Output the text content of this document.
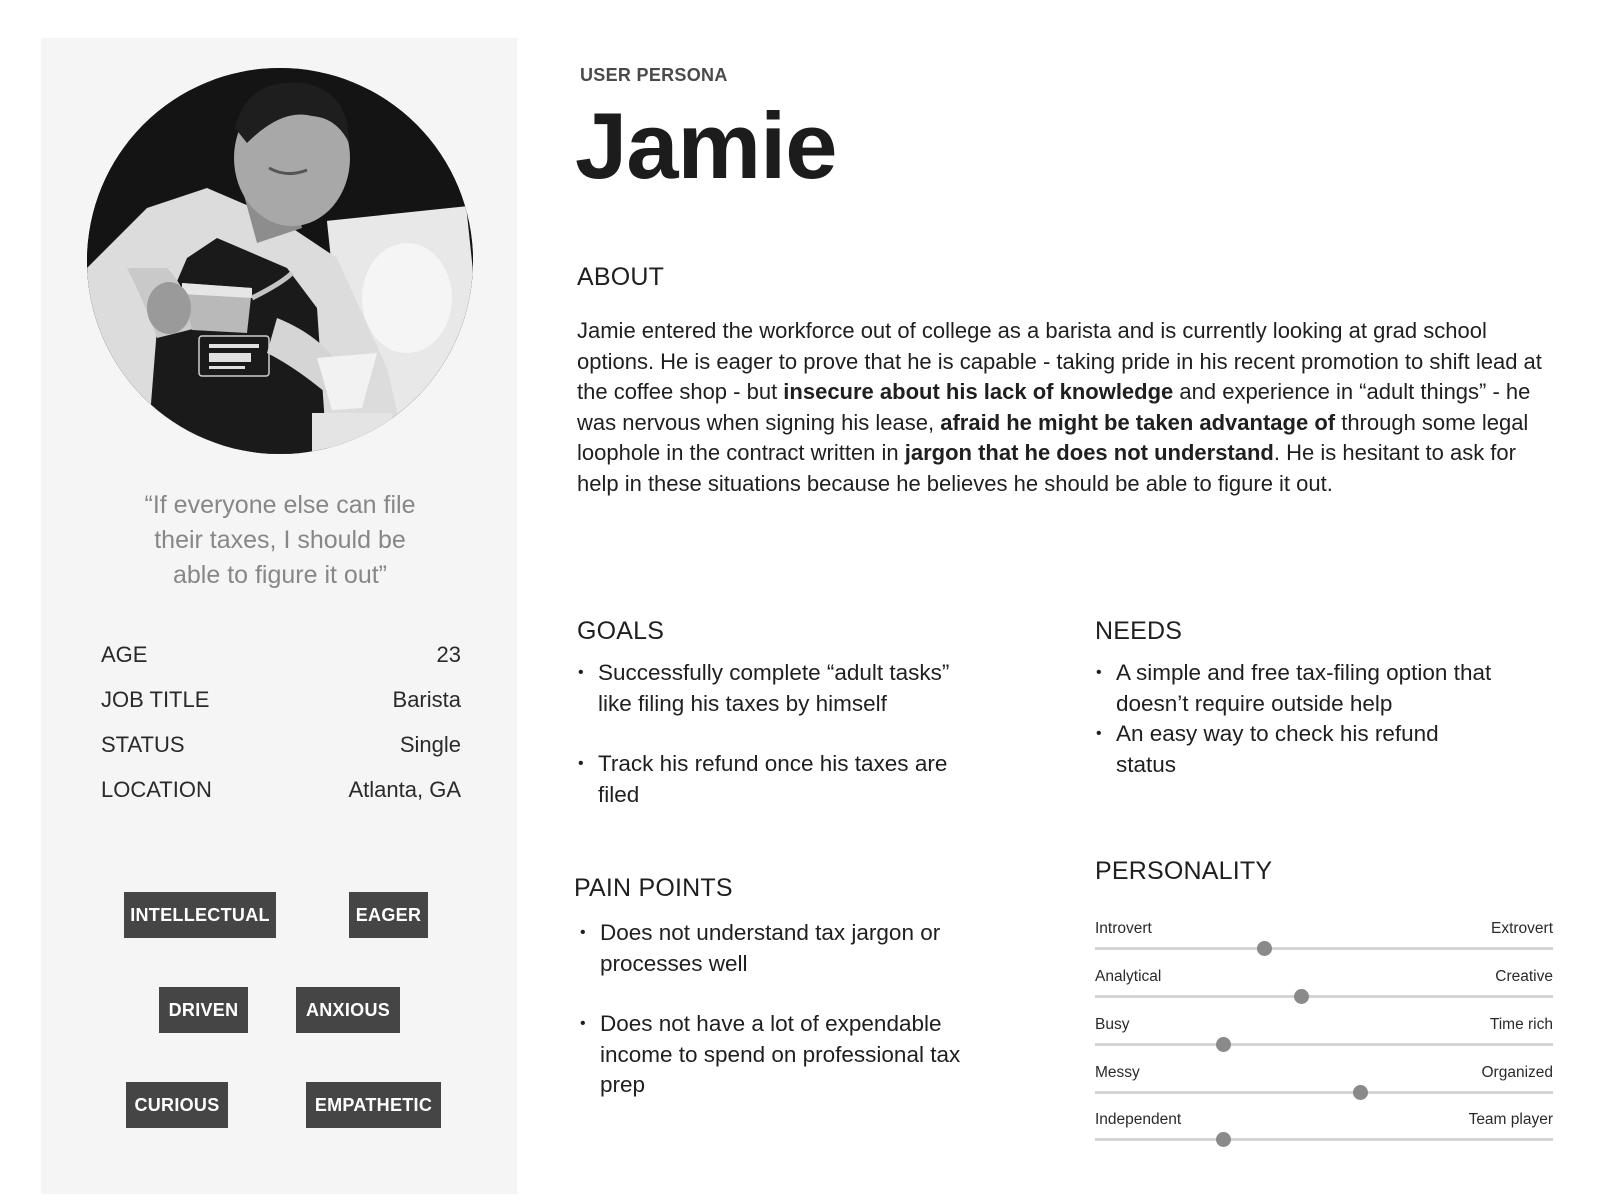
“If everyone else can file
their taxes, I should be
able to figure it out”
AGE	23
JOB TITLE	Barista
STATUS	Single
LOCATION	Atlanta, GA
INTELLECTUAL	EAGER
DRIVEN	ANXIOUS
CURIOUS	EMPATHETIC
USER PERSONA
Jamie
ABOUT

Jamie entered the workforce out of college as a barista and is currently looking at grad school options. He is eager to prove that he is capable - taking pride in his recent promotion to shift lead at the coffee shop - but insecure about his lack of knowledge and experience in “adult things” - he was nervous when signing his lease, afraid he might be taken advantage of through some legal loophole in the contract written in jargon that he does not understand. He is hesitant to ask for help in these situations because he believes he should be able to figure it out.

GOALS
• Successfully complete “adult tasks” like filing his taxes by himself
• Track his refund once his taxes are filed
NEEDS
• A simple and free tax-filing option that doesn’t require outside help
• An easy way to check his refund status
PAIN POINTS
• Does not understand tax jargon or processes well
• Does not have a lot of expendable income to spend on professional tax prep
PERSONALITY
Introvert	Extrovert
Analytical	Creative
Busy	Time rich
Messy	Organized
Independent	Team player
